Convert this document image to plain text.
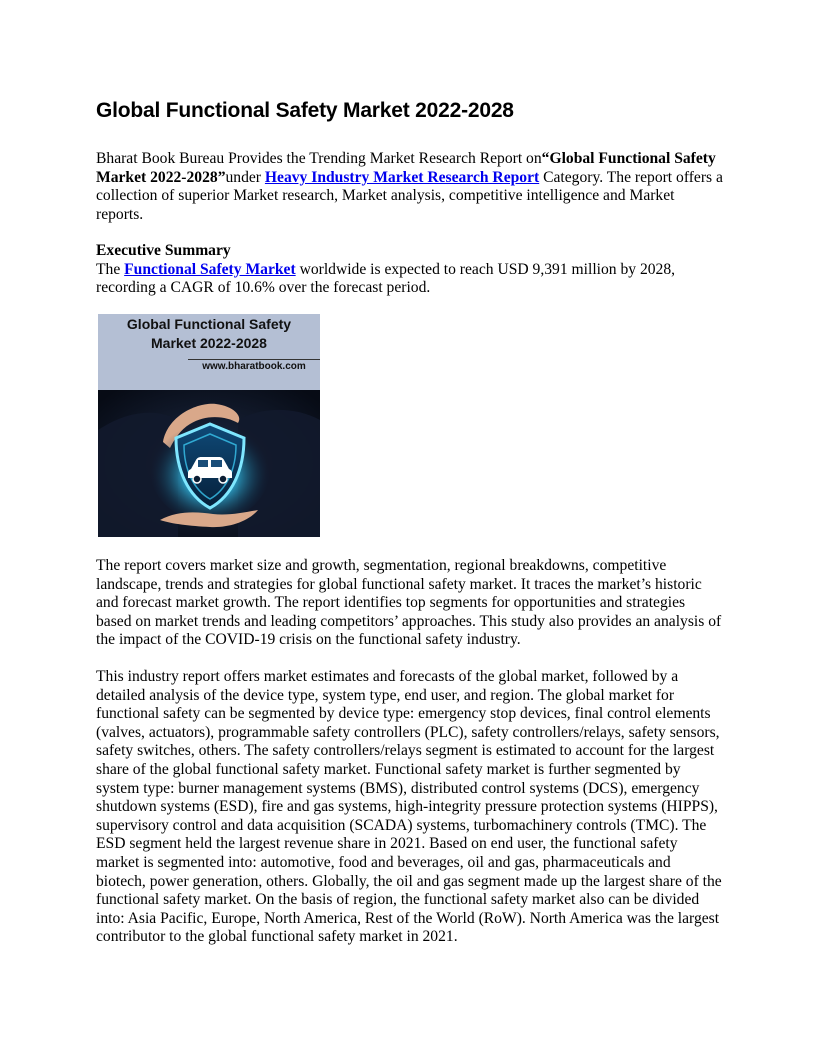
Global Functional Safety Market 2022-2028

Bharat Book Bureau Provides the Trending Market Research Report on“Global Functional Safety Market 2022-2028”under Heavy Industry Market Research Report Category. The report offers a collection of superior Market research, Market analysis, competitive intelligence and Market reports.

Executive Summary
The Functional Safety Market worldwide is expected to reach USD 9,391 million by 2028, recording a CAGR of 10.6% over the forecast period.

Global Functional Safety
Market 2022-2028
www.bharatbook.com

The report covers market size and growth, segmentation, regional breakdowns, competitive landscape, trends and strategies for global functional safety market. It traces the market’s historic and forecast market growth. The report identifies top segments for opportunities and strategies based on market trends and leading competitors’ approaches. This study also provides an analysis of the impact of the COVID-19 crisis on the functional safety industry.

This industry report offers market estimates and forecasts of the global market, followed by a detailed analysis of the device type, system type, end user, and region. The global market for functional safety can be segmented by device type: emergency stop devices, final control elements (valves, actuators), programmable safety controllers (PLC), safety controllers/relays, safety sensors, safety switches, others. The safety controllers/relays segment is estimated to account for the largest share of the global functional safety market. Functional safety market is further segmented by system type: burner management systems (BMS), distributed control systems (DCS), emergency shutdown systems (ESD), fire and gas systems, high-integrity pressure protection systems (HIPPS), supervisory control and data acquisition (SCADA) systems, turbomachinery controls (TMC). The ESD segment held the largest revenue share in 2021. Based on end user, the functional safety market is segmented into: automotive, food and beverages, oil and gas, pharmaceuticals and biotech, power generation, others. Globally, the oil and gas segment made up the largest share of the functional safety market. On the basis of region, the functional safety market also can be divided into: Asia Pacific, Europe, North America, Rest of the World (RoW). North America was the largest contributor to the global functional safety market in 2021.
